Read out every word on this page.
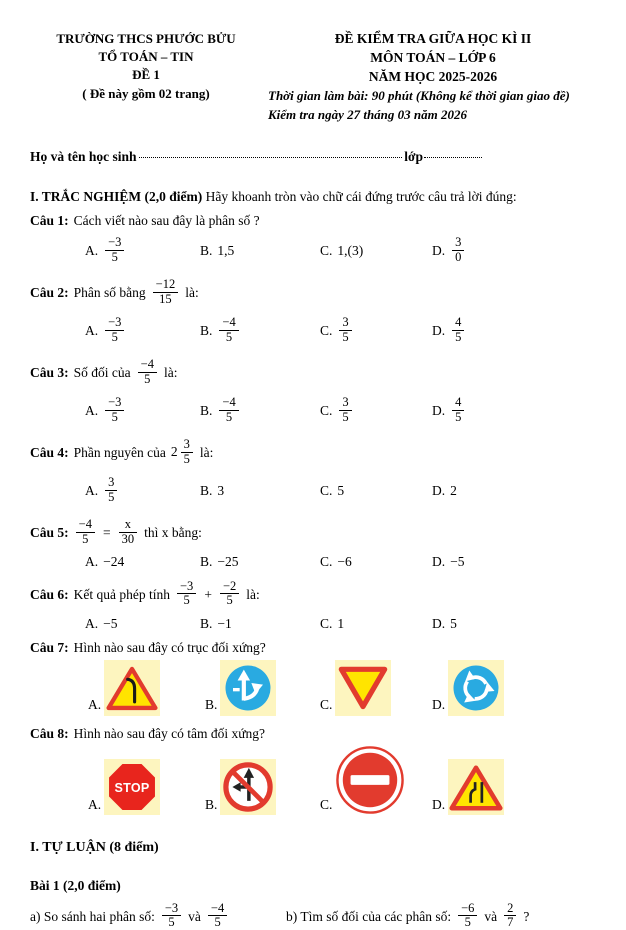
TRƯỜNG THCS PHƯỚC BỬU
TỔ TOÁN – TIN
ĐỀ 1
( Đề này gồm 02 trang)
ĐỀ KIỂM TRA GIỮA HỌC KÌ II
MÔN TOÁN – LỚP 6
NĂM HỌC 2025-2026
Thời gian làm bài: 90 phút (Không kể thời gian giao đề)
Kiểm tra ngày 27 tháng 03 năm 2026
Họ và tên học sinh	lớp
I. TRẮC NGHIỆM (2,0 điểm) Hãy khoanh tròn vào chữ cái đứng trước câu trả lời đúng:
Câu 1: Cách viết nào sau đây là phân số ?
A. $\frac{-3}{5}$	B. 1,5	C. 1,(3)	D. $\frac{3}{0}$
Câu 2: Phân số bằng $\frac{-12}{15}$ là:
A. $\frac{-3}{5}$	B. $\frac{-4}{5}$	C. $\frac{3}{5}$	D. $\frac{4}{5}$
Câu 3: Số đối của $\frac{-4}{5}$ là:
A. $\frac{-3}{5}$	B. $\frac{-4}{5}$	C. $\frac{3}{5}$	D. $\frac{4}{5}$
Câu 4: Phần nguyên của $2 \frac{3}{5}$ là:
A. $\frac{3}{5}$	B. 3	C. 5	D. 2
Câu 5: $\frac{-4}{5} = \frac{x}{30}$ thì x bằng:
A. −24	B. −25	C. −6	D. −5
Câu 6: Kết quả phép tính $\frac{-3}{5} + \frac{-2}{5}$ là:
A. −5	B. −1	C. 1	D. 5
Câu 7: Hình nào sau đây có trục đối xứng?
A.	B.	C.	D.
Câu 8: Hình nào sau đây có tâm đối xứng?
A.
STOP
B.	C.	D.
I. TỰ LUẬN (8 điểm)
Bài 1 (2,0 điểm)
a) So sánh hai phân số: $\frac{-3}{5}$ và $\frac{-4}{5}$	b) Tìm số đối của các phân số: $\frac{-6}{5}$ và $\frac{2}{7}$ ?
